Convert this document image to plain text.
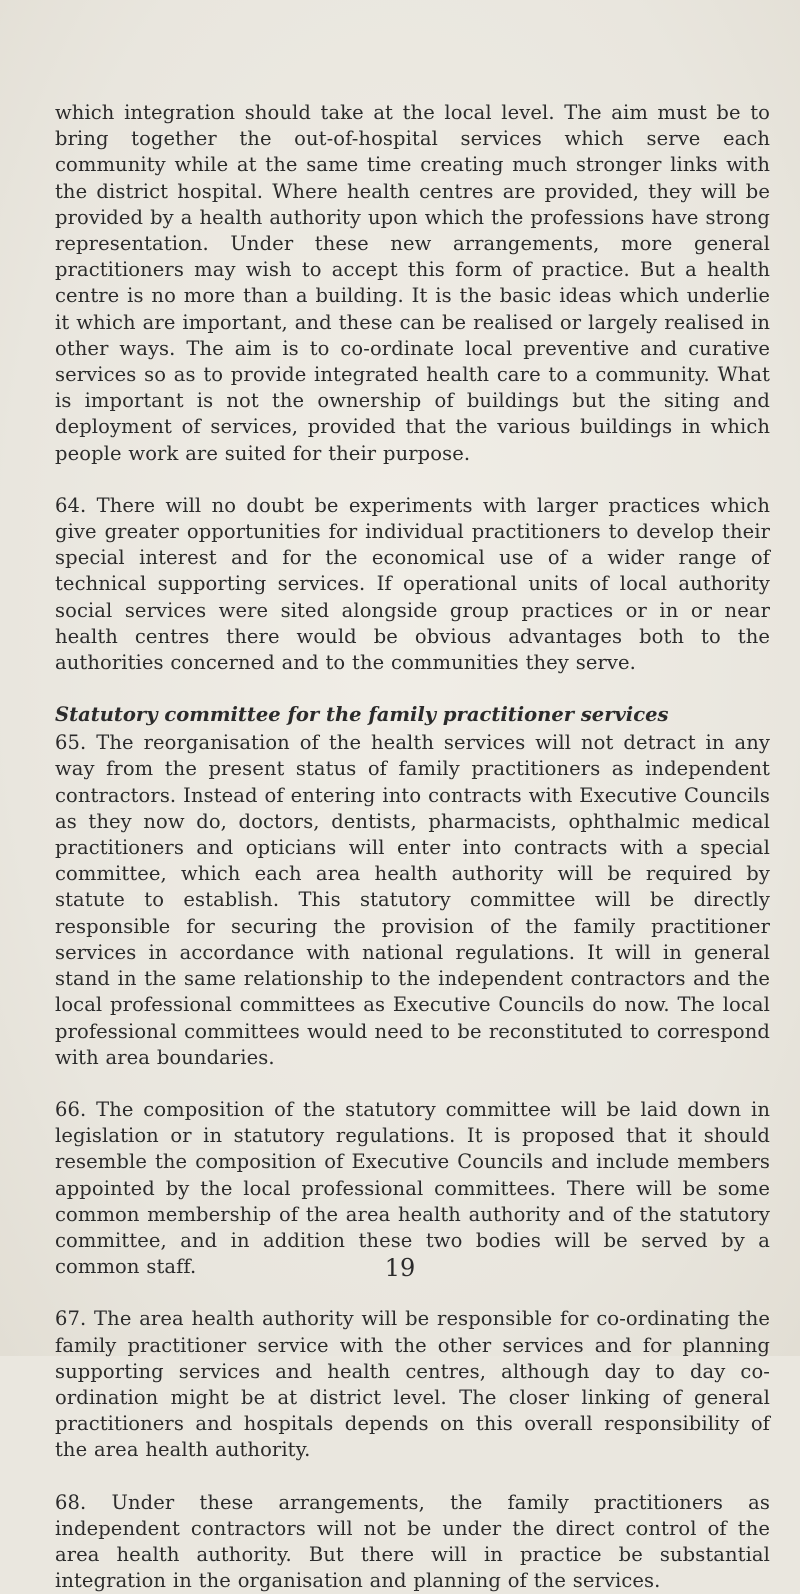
which integration should take at the local level. The aim must be to bring together the out-of-hospital services which serve each community while at the same time creating much stronger links with the district hospital. Where health centres are provided, they will be provided by a health authority upon which the professions have strong representation. Under these new arrangements, more general practitioners may wish to accept this form of practice. But a health centre is no more than a building. It is the basic ideas which underlie it which are important, and these can be realised or largely realised in other ways. The aim is to co-ordinate local preventive and curative services so as to provide integrated health care to a community. What is important is not the ownership of buildings but the siting and deployment of services, provided that the various buildings in which people work are suited for their purpose.

64. There will no doubt be experiments with larger practices which give greater opportunities for individual practitioners to develop their special interest and for the economical use of a wider range of technical supporting services. If operational units of local authority social services were sited alongside group practices or in or near health centres there would be obvious advantages both to the authorities concerned and to the communities they serve.

Statutory committee for the family practitioner services

65. The reorganisation of the health services will not detract in any way from the present status of family practitioners as independent contractors. Instead of entering into contracts with Executive Councils as they now do, doctors, dentists, pharmacists, ophthalmic medical practitioners and opticians will enter into contracts with a special committee, which each area health authority will be required by statute to establish. This statutory committee will be directly responsible for securing the provision of the family practitioner services in accordance with national regulations. It will in general stand in the same relationship to the independent contractors and the local professional committees as Executive Councils do now. The local professional committees would need to be reconstituted to correspond with area boundaries.

66. The composition of the statutory committee will be laid down in legislation or in statutory regulations. It is proposed that it should resemble the composition of Executive Councils and include members appointed by the local professional committees. There will be some common membership of the area health authority and of the statutory committee, and in addition these two bodies will be served by a common staff.

67. The area health authority will be responsible for co-ordinating the family practitioner service with the other services and for planning supporting services and health centres, although day to day co-ordination might be at district level. The closer linking of general practitioners and hospitals depends on this overall responsibility of the area health authority.

68. Under these arrangements, the family practitioners as independent contractors will not be under the direct control of the area health authority. But there will in practice be substantial integration in the organisation and planning of the services.

19
